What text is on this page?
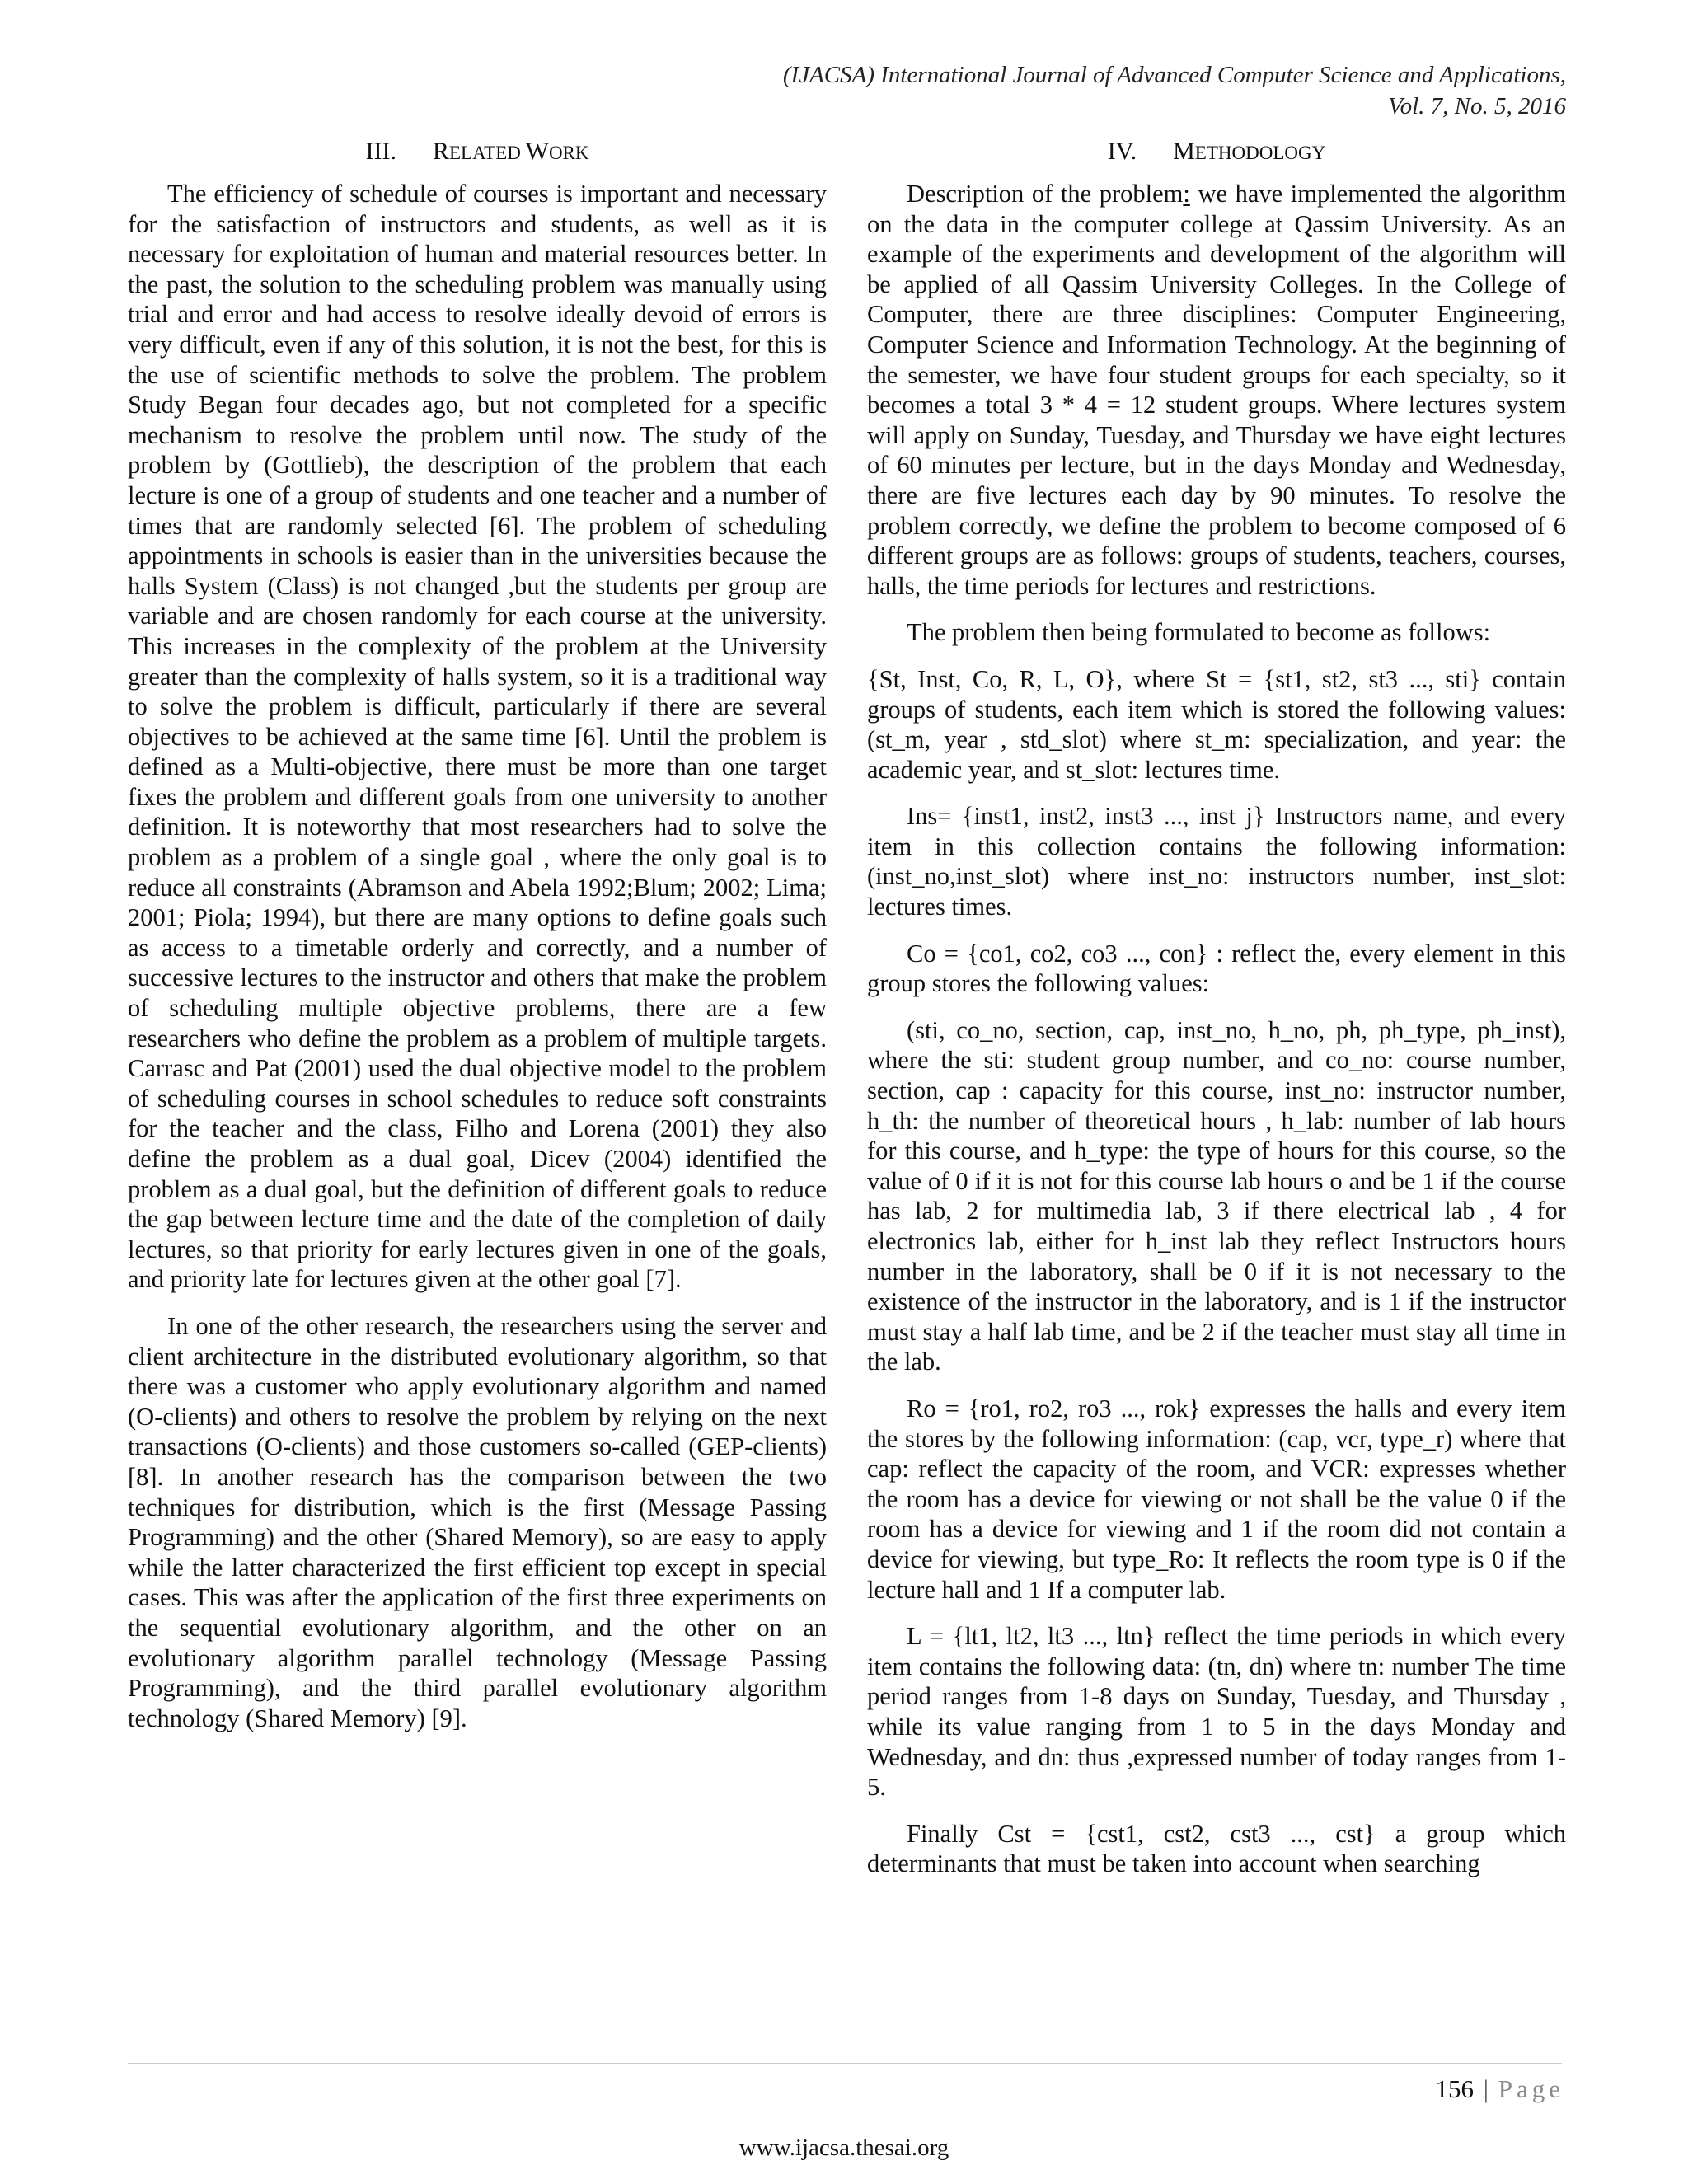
(IJACSA) International Journal of Advanced Computer Science and Applications,
Vol. 7, No. 5, 2016
III. RELATED WORK

The efficiency of schedule of courses is important and necessary for the satisfaction of instructors and students, as well as it is necessary for exploitation of human and material resources better. In the past, the solution to the scheduling problem was manually using trial and error and had access to resolve ideally devoid of errors is very difficult, even if any of this solution, it is not the best, for this is the use of scientific methods to solve the problem. The problem Study Began four decades ago, but not completed for a specific mechanism to resolve the problem until now. The study of the problem by (Gottlieb), the description of the problem that each lecture is one of a group of students and one teacher and a number of times that are randomly selected [6]. The problem of scheduling appointments in schools is easier than in the universities because the halls System (Class) is not changed ,but the students per group are variable and are chosen randomly for each course at the university. This increases in the complexity of the problem at the University greater than the complexity of halls system, so it is a traditional way to solve the problem is difficult, particularly if there are several objectives to be achieved at the same time [6]. Until the problem is defined as a Multi-objective, there must be more than one target fixes the problem and different goals from one university to another definition. It is noteworthy that most researchers had to solve the problem as a problem of a single goal , where the only goal is to reduce all constraints (Abramson and Abela 1992;Blum; 2002; Lima; 2001; Piola; 1994), but there are many options to define goals such as access to a timetable orderly and correctly, and a number of successive lectures to the instructor and others that make the problem of scheduling multiple objective problems, there are a few researchers who define the problem as a problem of multiple targets. Carrasc and Pat (2001) used the dual objective model to the problem of scheduling courses in school schedules to reduce soft constraints for the teacher and the class, Filho and Lorena (2001) they also define the problem as a dual goal, Dicev (2004) identified the problem as a dual goal, but the definition of different goals to reduce the gap between lecture time and the date of the completion of daily lectures, so that priority for early lectures given in one of the goals, and priority late for lectures given at the other goal [7].

In one of the other research, the researchers using the server and client architecture in the distributed evolutionary algorithm, so that there was a customer who apply evolutionary algorithm and named (O-clients) and others to resolve the problem by relying on the next transactions (O-clients) and those customers so-called (GEP-clients)[8]. In another research has the comparison between the two techniques for distribution, which is the first (Message Passing Programming) and the other (Shared Memory), so are easy to apply while the latter characterized the first efficient top except in special cases. This was after the application of the first three experiments on the sequential evolutionary algorithm, and the other on an evolutionary algorithm parallel technology (Message Passing Programming), and the third parallel evolutionary algorithm technology (Shared Memory) [9].

IV. METHODOLOGY

Description of the problem: we have implemented the algorithm on the data in the computer college at Qassim University. As an example of the experiments and development of the algorithm will be applied of all Qassim University Colleges. In the College of Computer, there are three disciplines: Computer Engineering, Computer Science and Information Technology. At the beginning of the semester, we have four student groups for each specialty, so it becomes a total 3 * 4 = 12 student groups. Where lectures system will apply on Sunday, Tuesday, and Thursday we have eight lectures of 60 minutes per lecture, but in the days Monday and Wednesday, there are five lectures each day by 90 minutes. To resolve the problem correctly, we define the problem to become composed of 6 different groups are as follows: groups of students, teachers, courses, halls, the time periods for lectures and restrictions.

The problem then being formulated to become as follows:

{St, Inst, Co, R, L, O}, where St = {st1, st2, st3 ..., sti} contain groups of students, each item which is stored the following values: (st_m, year , std_slot) where st_m: specialization, and year: the academic year, and st_slot: lectures time.

Ins= {inst1, inst2, inst3 ..., inst j} Instructors name, and every item in this collection contains the following information: (inst_no,inst_slot) where inst_no: instructors number, inst_slot: lectures times.

Co = {co1, co2, co3 ..., con} : reflect the, every element in this group stores the following values:

(sti, co_no, section, cap, inst_no, h_no, ph, ph_type, ph_inst), where the sti: student group number, and co_no: course number, section, cap : capacity for this course, inst_no: instructor number, h_th: the number of theoretical hours , h_lab: number of lab hours for this course, and h_type: the type of hours for this course, so the value of 0 if it is not for this course lab hours o and be 1 if the course has lab, 2 for multimedia lab, 3 if there electrical lab , 4 for electronics lab, either for h_inst lab they reflect Instructors hours number in the laboratory, shall be 0 if it is not necessary to the existence of the instructor in the laboratory, and is 1 if the instructor must stay a half lab time, and be 2 if the teacher must stay all time in the lab.

Ro = {ro1, ro2, ro3 ..., rok} expresses the halls and every item the stores by the following information: (cap, vcr, type_r) where that cap: reflect the capacity of the room, and VCR: expresses whether the room has a device for viewing or not shall be the value 0 if the room has a device for viewing and 1 if the room did not contain a device for viewing, but type_Ro: It reflects the room type is 0 if the lecture hall and 1 If a computer lab.

L = {lt1, lt2, lt3 ..., ltn} reflect the time periods in which every item contains the following data: (tn, dn) where tn: number The time period ranges from 1-8 days on Sunday, Tuesday, and Thursday , while its value ranging from 1 to 5 in the days Monday and Wednesday, and dn: thus ,expressed number of today ranges from 1-5.

Finally Cst = {cst1, cst2, cst3 ..., cst} a group which determinants that must be taken into account when searching

156 | Page
www.ijacsa.thesai.org
